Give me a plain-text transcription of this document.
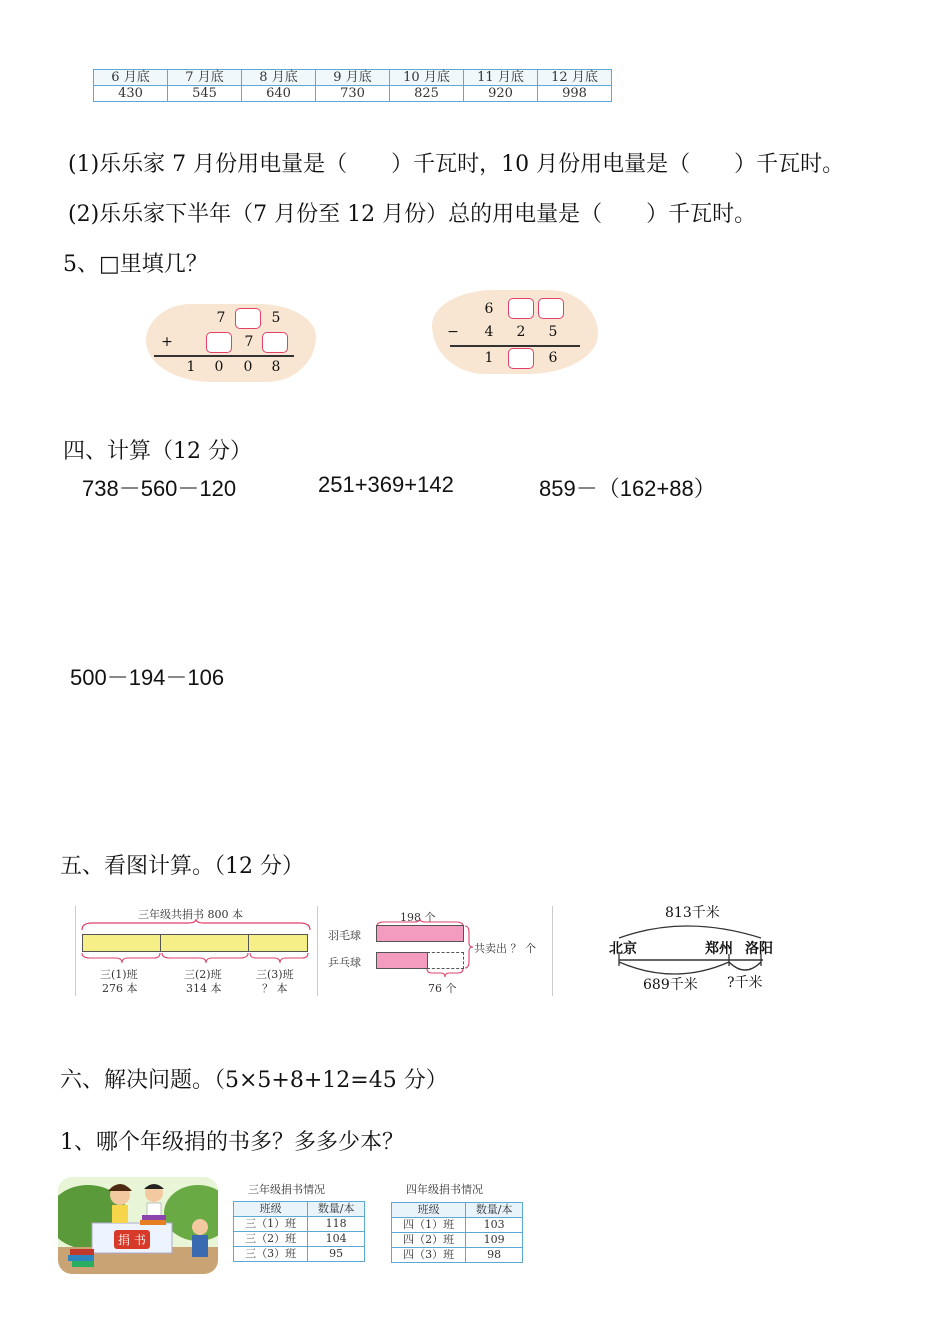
6 月底	7 月底	8 月底	9 月底	10 月底	11 月底	12 月底
430	545	640	730	825	920	998
(1)乐乐家 7 月份用电量是（　　）千瓦时，10 月份用电量是（　　）千瓦时。
(2)乐乐家下半年（7 月份至 12 月份）总的用电量是（　　）千瓦时。
5、□里填几？
7	5
+	7
1 0 0 8
6
− 4 2 5
1	6
四、计算（12 分）
738－560－120	251+369+142	859－（162+88）
500－194－106
五、看图计算。（12 分）
三年级共捐书 800 本
三(1)班	三(2)班	三(3)班
276 本	314 本	？ 本
198 个
羽毛球
乒乓球
76 个
共卖出 ？ 个
813千米
北京	郑州 洛阳
689千米 ?千米
六、解决问题。（5×5+8+12=45 分）
1、哪个年级捐的书多？多多少本？
捐 书
三年级捐书情况
班级	数量/本
三（1）班	118
三（2）班	104
三（3）班	95
四年级捐书情况
班级	数量/本
四（1）班	103
四（2）班	109
四（3）班	98
